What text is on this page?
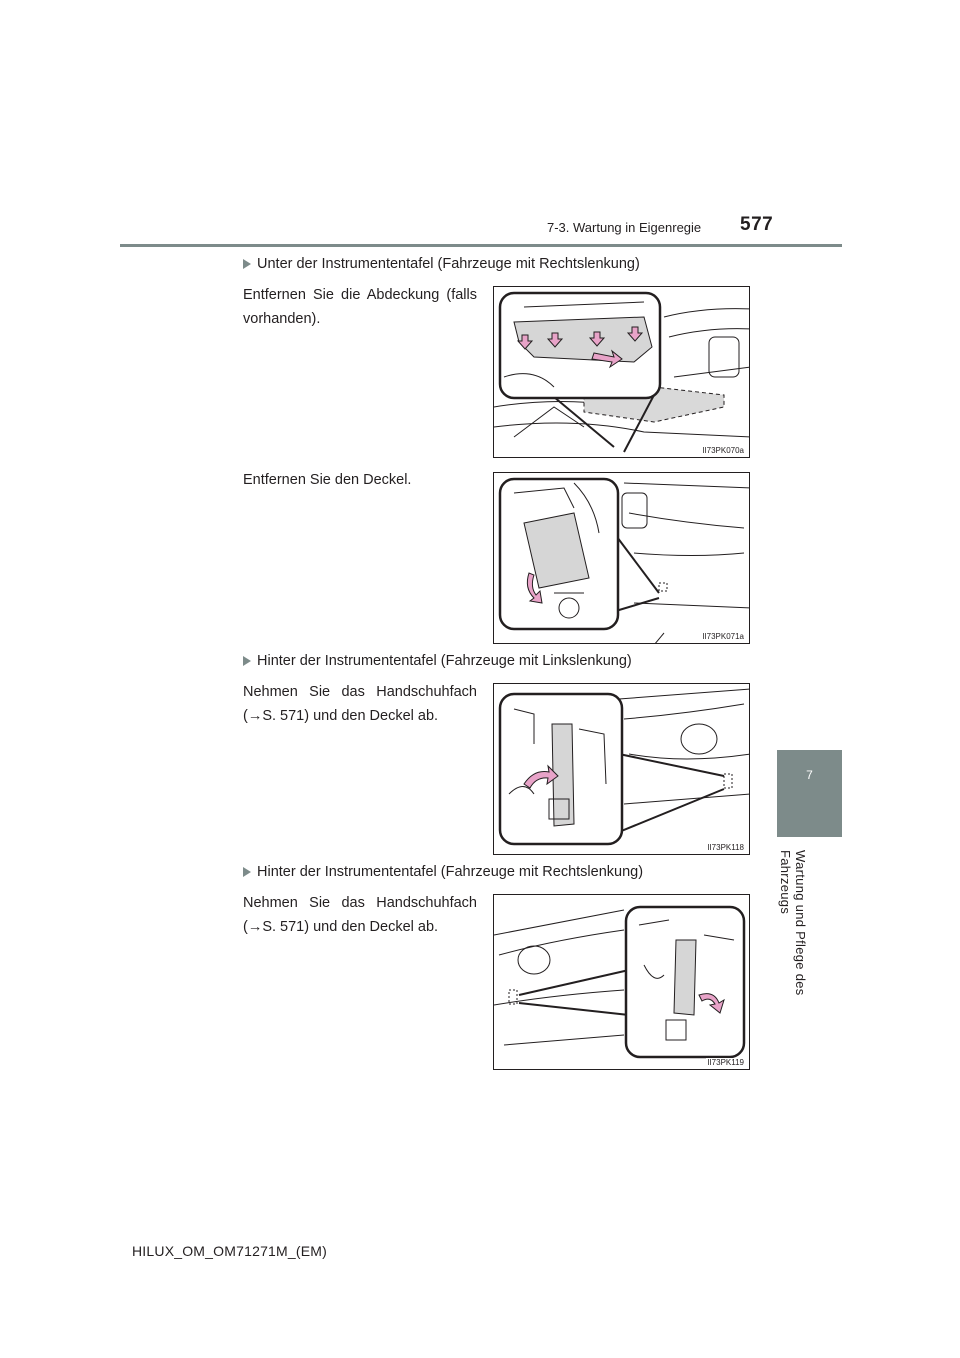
7-3. Wartung in Eigenregie 577
7
Wartung und Pflege des Fahrzeugs
Unter der Instrumententafel (Fahrzeuge mit Rechtslenkung)
Entfernen Sie die Abdeckung (falls vorhanden).
II73PK070a
Entfernen Sie den Deckel.
II73PK071a
Hinter der Instrumententafel (Fahrzeuge mit Linkslenkung)
Nehmen Sie das Handschuhfach (→S. 571) und den Deckel ab.
II73PK118
Hinter der Instrumententafel (Fahrzeuge mit Rechtslenkung)
Nehmen Sie das Handschuhfach (→S. 571) und den Deckel ab.
II73PK119
HILUX_OM_OM71271M_(EM)
